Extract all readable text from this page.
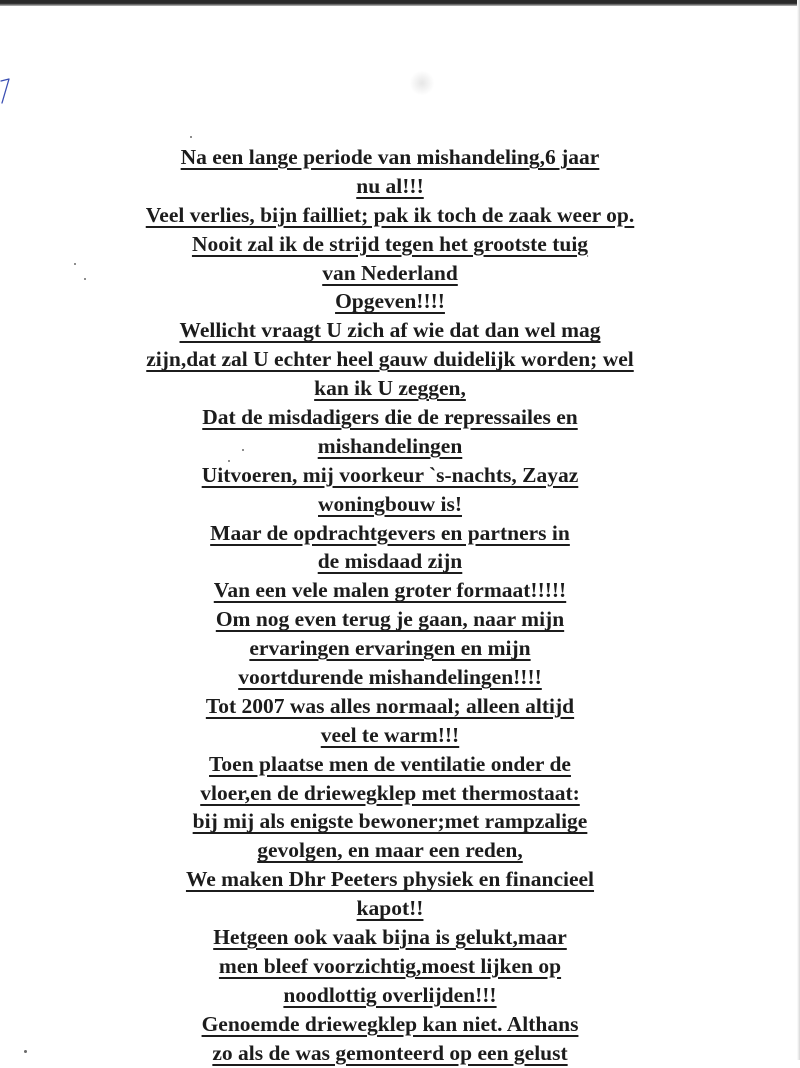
Na een lange periode van mishandeling,6 jaar
nu al!!!
Veel verlies, bijn failliet; pak ik toch de zaak weer op.
Nooit zal ik de strijd tegen het grootste tuig
van Nederland
Opgeven!!!!
Wellicht vraagt U zich af wie dat dan wel mag
zijn,dat zal U echter heel gauw duidelijk worden; wel
kan ik U zeggen,
Dat de misdadigers die de repressailes en
mishandelingen
Uitvoeren, mij voorkeur `s-nachts, Zayaz
woningbouw is!
Maar de opdrachtgevers en partners in
de misdaad zijn
Van een vele malen groter formaat!!!!!
Om nog even terug je gaan, naar mijn
ervaringen ervaringen en mijn
voortdurende mishandelingen!!!!
Tot 2007 was alles normaal; alleen altijd
veel te warm!!!
Toen plaatse men de ventilatie onder de
vloer,en de driewegklep met thermostaat:
bij mij als enigste bewoner;met rampzalige
gevolgen, en maar een reden,
We maken Dhr Peeters physiek en financieel
kapot!!
Hetgeen ook vaak bijna is gelukt,maar
men bleef voorzichtig,moest lijken op
noodlottig overlijden!!!
Genoemde driewegklep kan niet. Althans
zo als de was gemonteerd op een gelust
